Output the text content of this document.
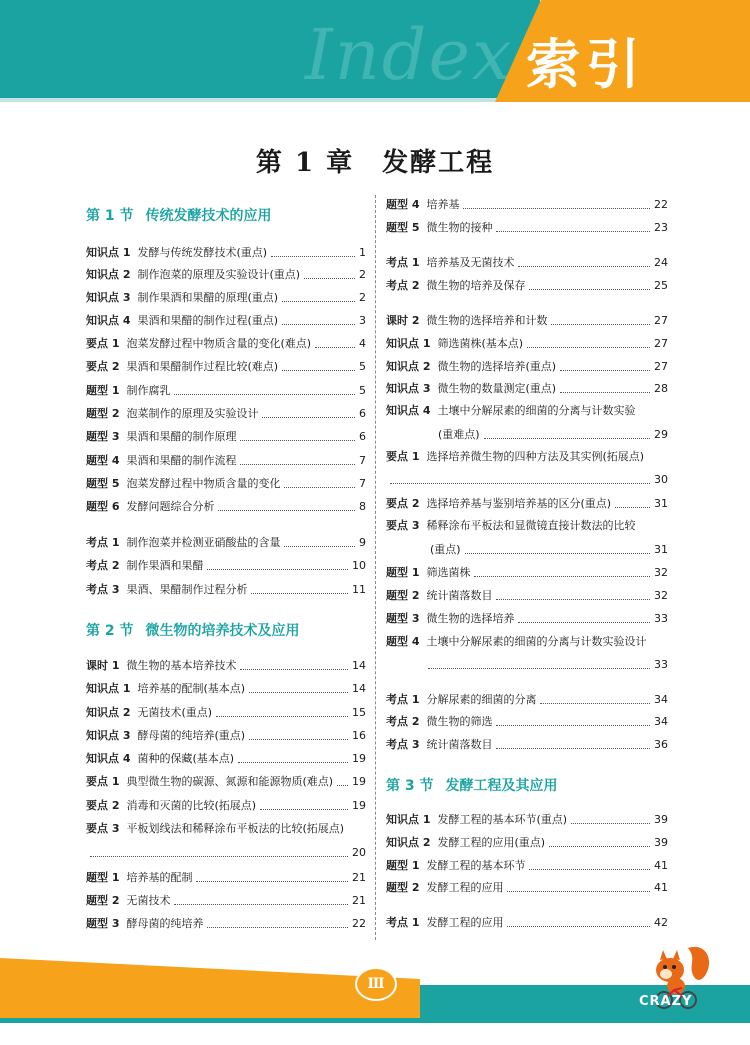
Index 索引
第 1 章　发酵工程
第 1 节 传统发酵技术的应用
知识点 1 发酵与传统发酵技术(重点)	1
知识点 2 制作泡菜的原理及实验设计(重点)	2
知识点 3 制作果酒和果醋的原理(重点)	2
知识点 4 果酒和果醋的制作过程(重点)	3
要点 1 泡菜发酵过程中物质含量的变化(难点)	4
要点 2 果酒和果醋制作过程比较(难点)	5
题型 1 制作腐乳	5
题型 2 泡菜制作的原理及实验设计	6
题型 3 果酒和果醋的制作原理	6
题型 4 果酒和果醋的制作流程	7
题型 5 泡菜发酵过程中物质含量的变化	7
题型 6 发酵问题综合分析	8
考点 1 制作泡菜并检测亚硝酸盐的含量	9
考点 2 制作果酒和果醋	10
考点 3 果酒、果醋制作过程分析	11
第 2 节 微生物的培养技术及应用
课时 1 微生物的基本培养技术	14
知识点 1 培养基的配制(基本点)	14
知识点 2 无菌技术(重点)	15
知识点 3 酵母菌的纯培养(重点)	16
知识点 4 菌种的保藏(基本点)	19
要点 1 典型微生物的碳源、氮源和能源物质(难点) 19
要点 2 消毒和灭菌的比较(拓展点)	19
要点 3 平板划线法和稀释涂布平板法的比较(拓展点)
20
题型 1 培养基的配制	21
题型 2 无菌技术	21
题型 3 酵母菌的纯培养	22
题型 4 培养基	22
题型 5 微生物的接种	23
考点 1 培养基及无菌技术	24
考点 2 微生物的培养及保存	25
课时 2 微生物的选择培养和计数	27
知识点 1 筛选菌株(基本点)	27
知识点 2 微生物的选择培养(重点)	27
知识点 3 微生物的数量测定(重点)	28
知识点 4 土壤中分解尿素的细菌的分离与计数实验
(重难点)	29
要点 1 选择培养微生物的四种方法及其实例(拓展点)
30
要点 2 选择培养基与鉴别培养基的区分(重点)	31
要点 3 稀释涂布平板法和显微镜直接计数法的比较
(重点)	31
题型 1 筛选菌株	32
题型 2 统计菌落数目	32
题型 3 微生物的选择培养	33
题型 4 土壤中分解尿素的细菌的分离与计数实验设计
33
考点 1 分解尿素的细菌的分离	34
考点 2 微生物的筛选	34
考点 3 统计菌落数目	36
第 3 节 发酵工程及其应用
知识点 1 发酵工程的基本环节(重点)	39
知识点 2 发酵工程的应用(重点)	39
题型 1 发酵工程的基本环节	41
题型 2 发酵工程的应用	41
考点 1 发酵工程的应用	42
Ⅲ
CRAZY
